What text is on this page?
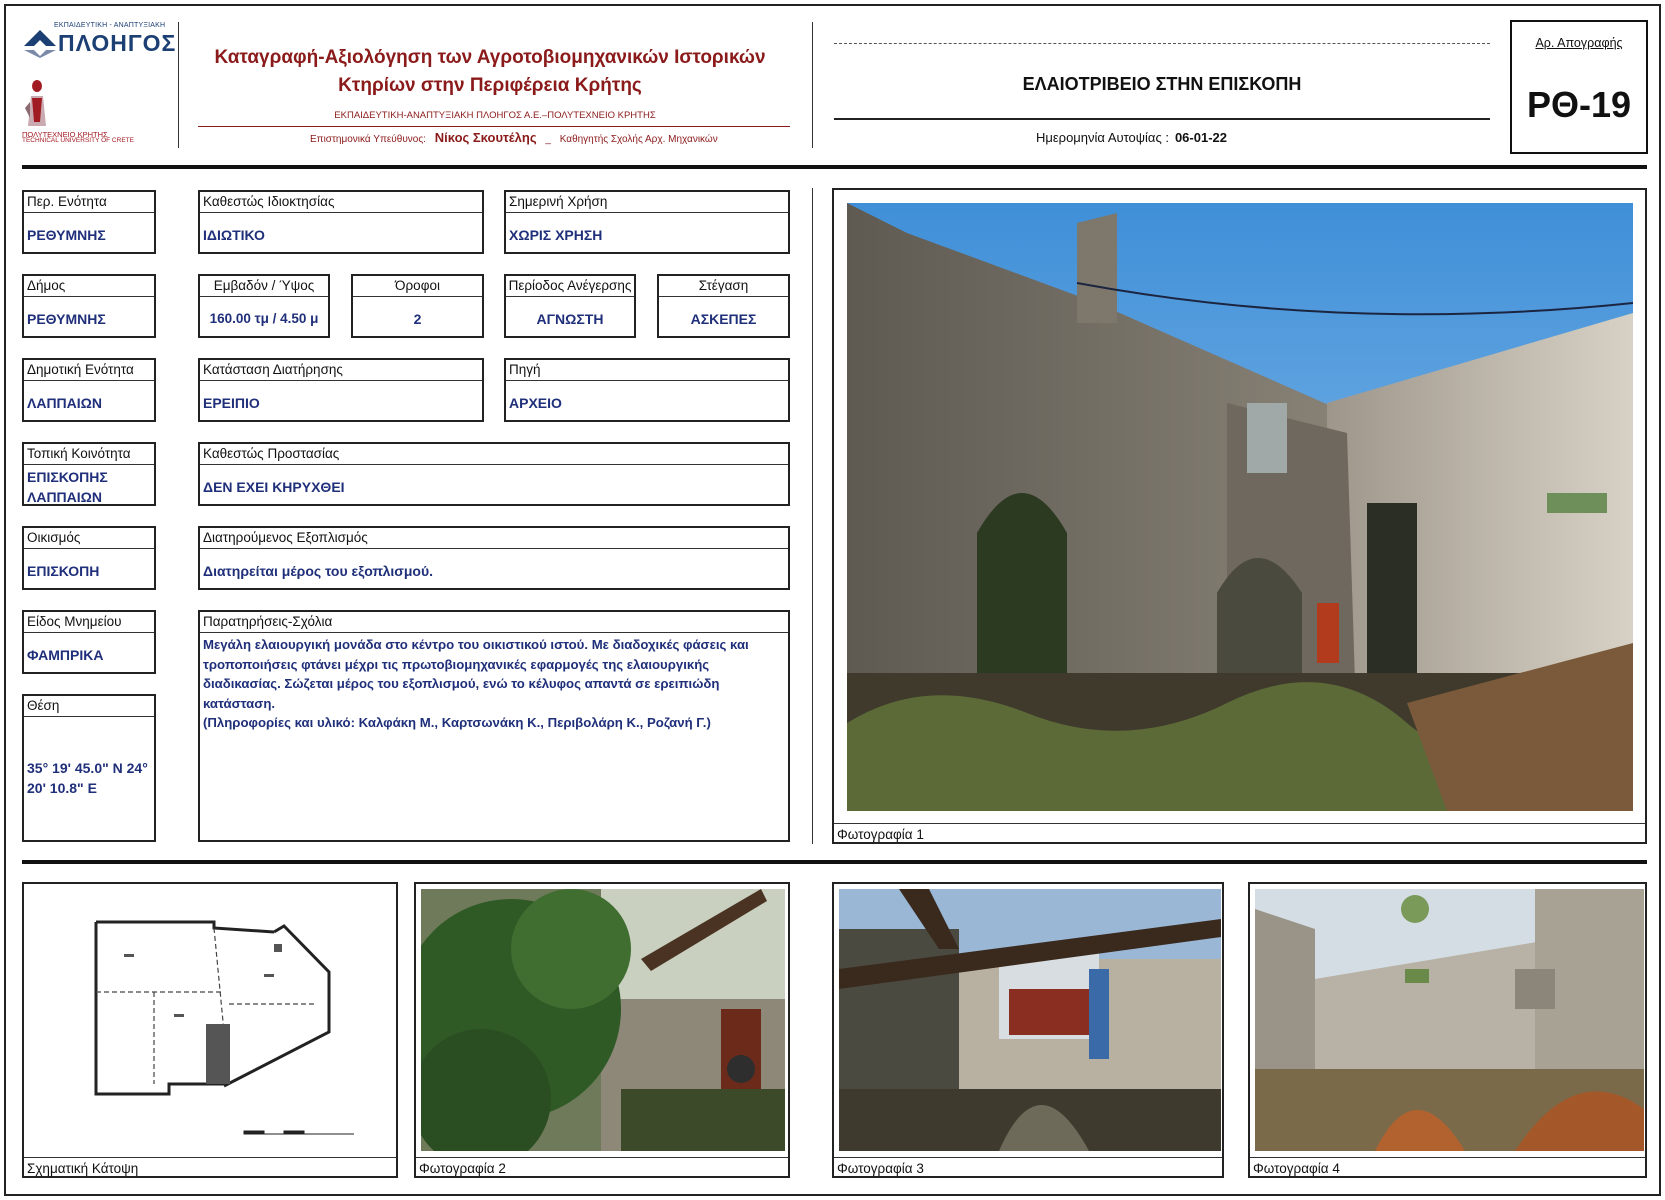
ΕΚΠΑΙΔΕΥΤΙΚΗ - ΑΝΑΠΤΥΞΙΑΚΗ
ΠΛΟΗΓΟΣ
ΠΟΛΥΤΕΧΝΕΙΟ ΚΡΗΤΗΣ
TECHNICAL UNIVERSITY OF CRETE
Καταγραφή-Αξιολόγηση των Αγροτοβιομηχανικών Ιστορικών
Κτηρίων στην Περιφέρεια Κρήτης
ΕΚΠΑΙΔΕΥΤΙΚΗ-ΑΝΑΠΤΥΞΙΑΚΗ ΠΛΟΗΓΟΣ Α.Ε.–ΠΟΛΥΤΕΧΝΕΙΟ ΚΡΗΤΗΣ
Επιστημονικά Υπεύθυνος: Νίκος Σκουτέλης _ Καθηγητής Σχολής Αρχ. Μηχανικών
ΕΛΑΙΟΤΡΙΒΕΙΟ ΣΤΗΝ ΕΠΙΣΚΟΠΗ
Ημερομηνία Αυτοψίας : 06-01-22
Αρ. Απογραφής
ΡΘ-19
Περ. Ενότητα
ΡΕΘΥΜΝΗΣ
Καθεστώς Ιδιοκτησίας
ΙΔΙΩΤΙΚΟ
Σημερινή Χρήση
ΧΩΡΙΣ ΧΡΗΣΗ
Δήμος
ΡΕΘΥΜΝΗΣ
Εμβαδόν / Ύψος
160.00 τμ / 4.50 μ
Όροφοι
2
Περίοδος Ανέγερσης
ΑΓΝΩΣΤΗ
Στέγαση
ΑΣΚΕΠΕΣ
Δημοτική Ενότητα
ΛΑΠΠΑΙΩΝ
Κατάσταση Διατήρησης
ΕΡΕΙΠΙΟ
Πηγή
ΑΡΧΕΙΟ
Τοπική Κοινότητα
ΕΠΙΣΚΟΠΗΣ
ΛΑΠΠΑΙΩΝ
Καθεστώς Προστασίας
ΔΕΝ ΕΧΕΙ ΚΗΡΥΧΘΕΙ
Οικισμός
ΕΠΙΣΚΟΠΗ
Διατηρούμενος Εξοπλισμός
Διατηρείται μέρος του εξοπλισμού.
Είδος Μνημείου
ΦΑΜΠΡΙΚΑ
Παρατηρήσεις-Σχόλια
Μεγάλη ελαιουργική μονάδα στο κέντρο του οικιστικού ιστού. Με διαδοχικές φάσεις και
τροποποιήσεις φτάνει μέχρι τις πρωτοβιομηχανικές εφαρμογές της ελαιουργικής
διαδικασίας. Σώζεται μέρος του εξοπλισμού, ενώ το κέλυφος απαντά σε ερειπιώδη
κατάσταση.
(Πληροφορίες και υλικό: Καλφάκη Μ., Καρτσωνάκη Κ., Περιβολάρη Κ., Ροζανή Γ.)
Θέση
35° 19' 45.0" N 24°
20' 10.8" E
Φωτογραφία 1
Σχηματική Κάτοψη	Φωτογραφία 2	Φωτογραφία 3	Φωτογραφία 4
